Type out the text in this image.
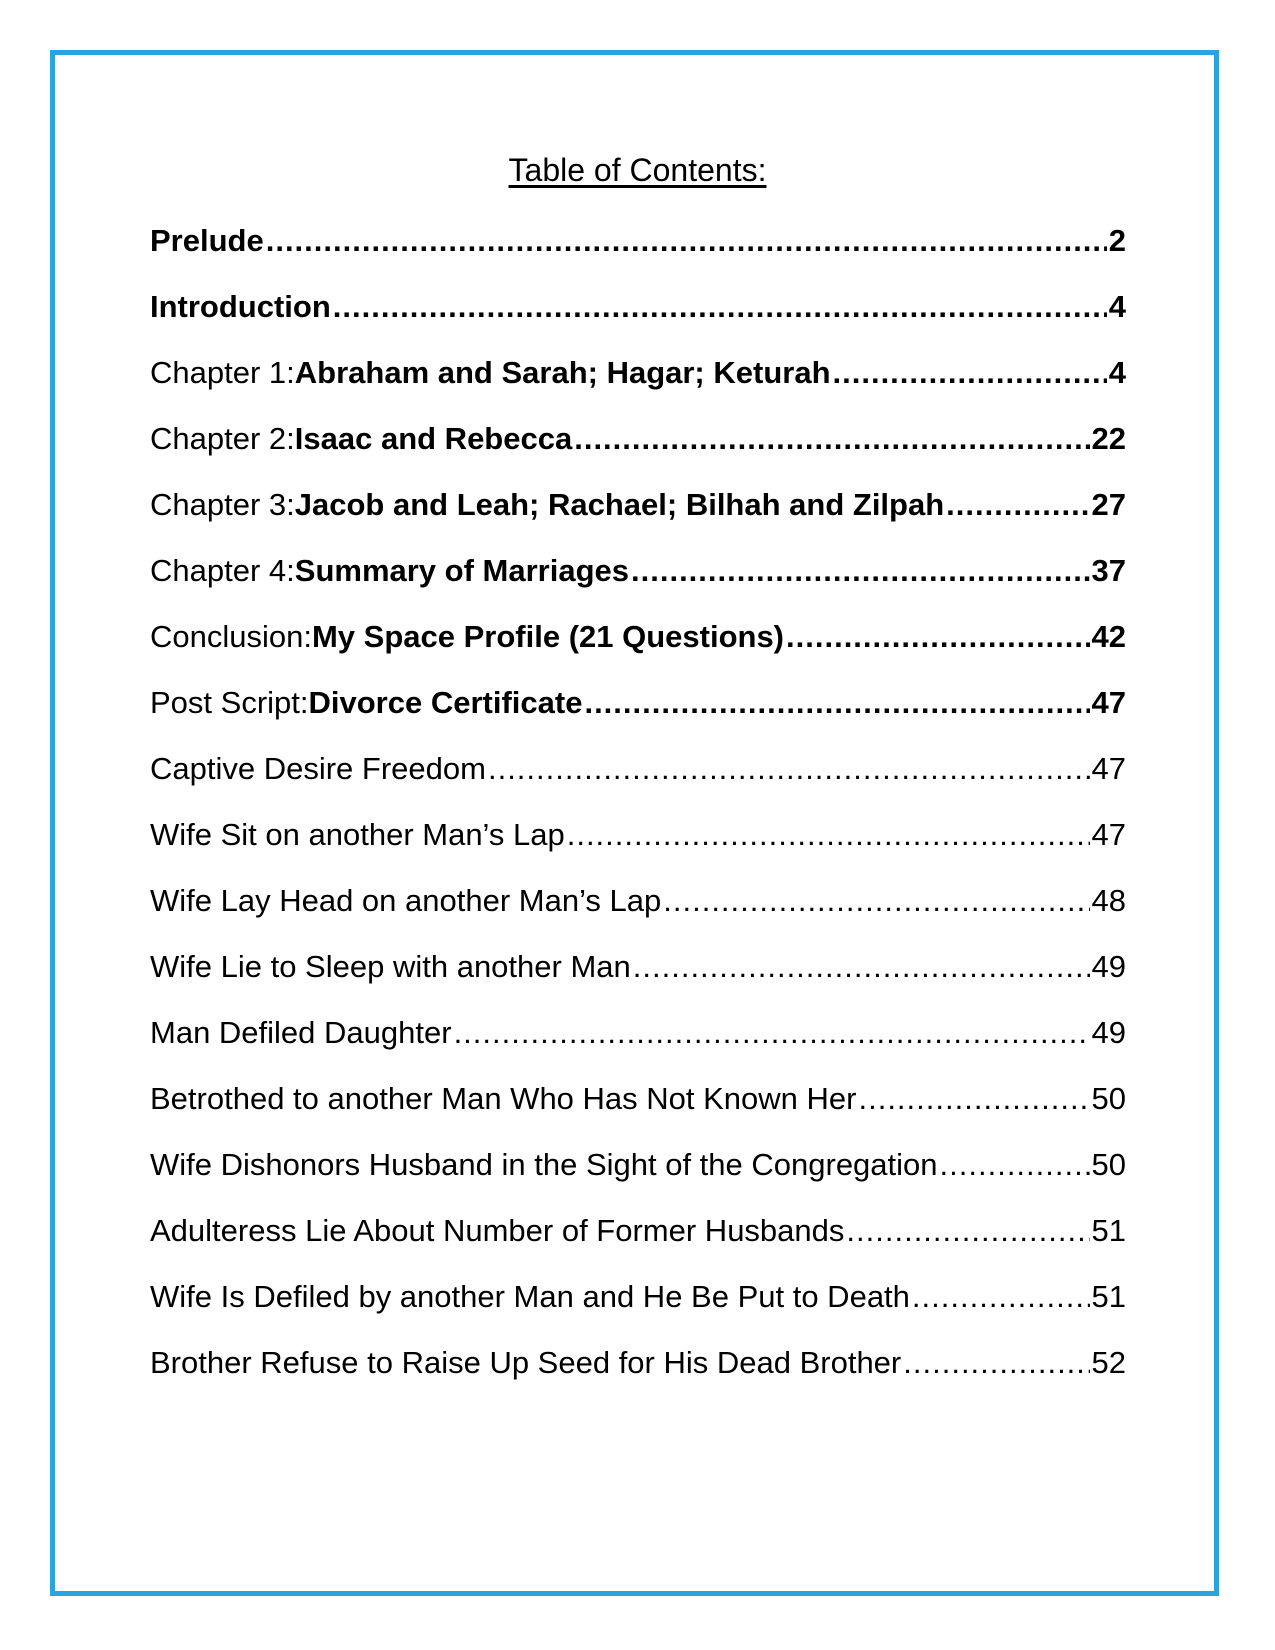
Table of Contents:
Prelude .....	2
Introduction .....	4
Chapter 1: Abraham and Sarah; Hagar; Keturah .....	4
Chapter 2: Isaac and Rebecca .....	22
Chapter 3: Jacob and Leah; Rachael; Bilhah and Zilpah .....	27
Chapter 4: Summary of Marriages .....	37
Conclusion: My Space Profile (21 Questions) .....	42
Post Script: Divorce Certificate .....	47
Captive Desire Freedom .....	47
Wife Sit on another Man’s Lap .....	47
Wife Lay Head on another Man’s Lap .....	48
Wife Lie to Sleep with another Man .....	49
Man Defiled Daughter .....	49
Betrothed to another Man Who Has Not Known Her .....	50
Wife Dishonors Husband in the Sight of the Congregation .....	50
Adulteress Lie About Number of Former Husbands .....	51
Wife Is Defiled by another Man and He Be Put to Death .....	51
Brother Refuse to Raise Up Seed for His Dead Brother .....	52
